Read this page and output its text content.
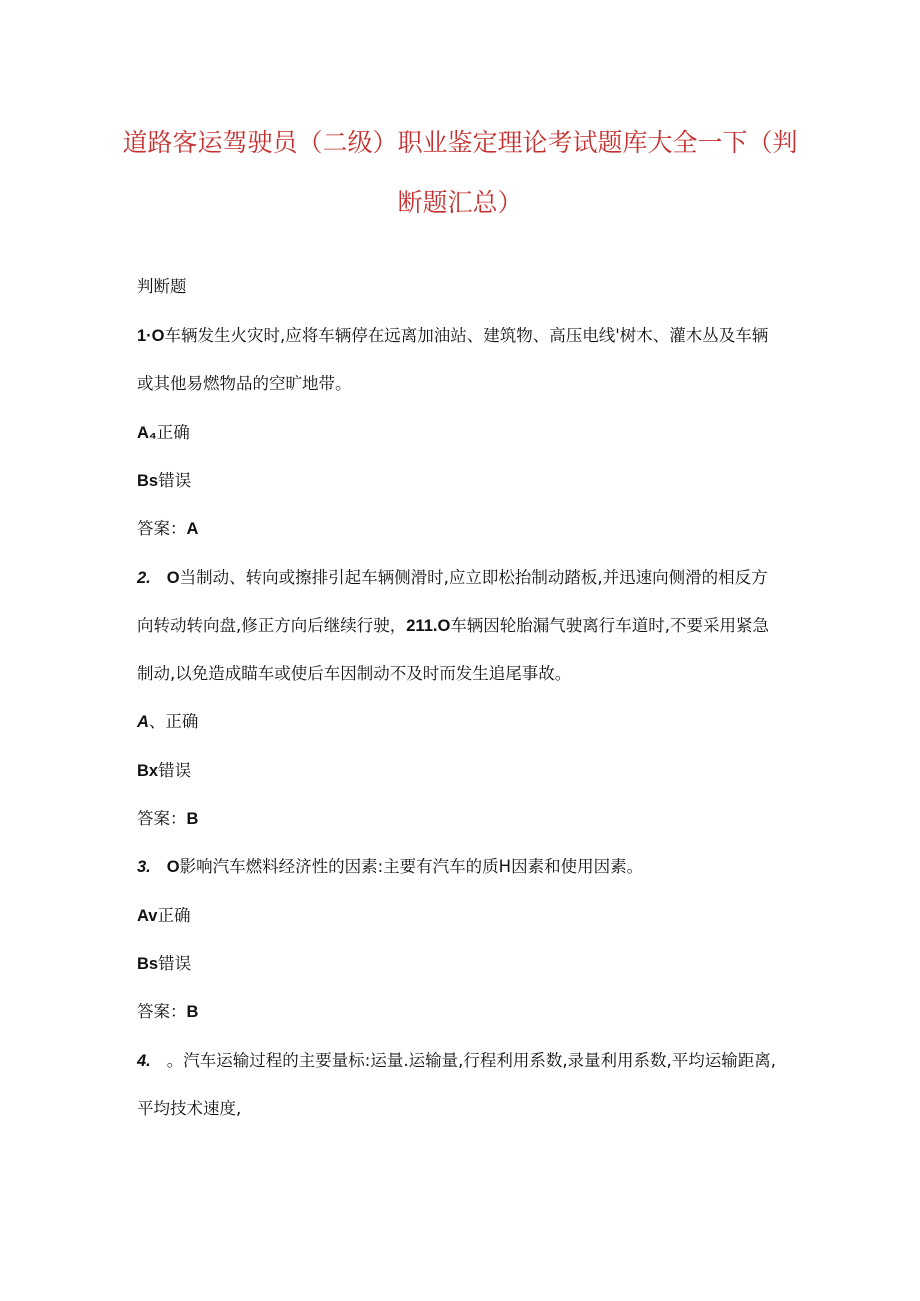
道路客运驾驶员（二级）职业鉴定理论考试题库大全一下（判
断题汇总）
判断题
1·O车辆发生火灾时,应将车辆停在远离加油站、建筑物、高压电线'树木、灌木丛及车辆
或其他易燃物品的空旷地带。
A₄正确
Bs错误
答案：A
2. O当制动、转向或擦排引起车辆侧滑时,应立即松抬制动踏板,并迅速向侧滑的相反方
向转动转向盘,修正方向后继续行驶，211.O车辆因轮胎漏气驶离行车道时,不要采用紧急
制动,以免造成瞄车或使后车因制动不及时而发生追尾事故。
A、正确
Bx错误
答案：B
3. O影响汽车燃料经济性的因素:主要有汽车的质H因素和使用因素。
Av正确
Bs错误
答案：B
4. 。汽车运输过程的主要量标:运量.运输量,行程利用系数,录量利用系数,平均运输距离,
平均技术速度,
